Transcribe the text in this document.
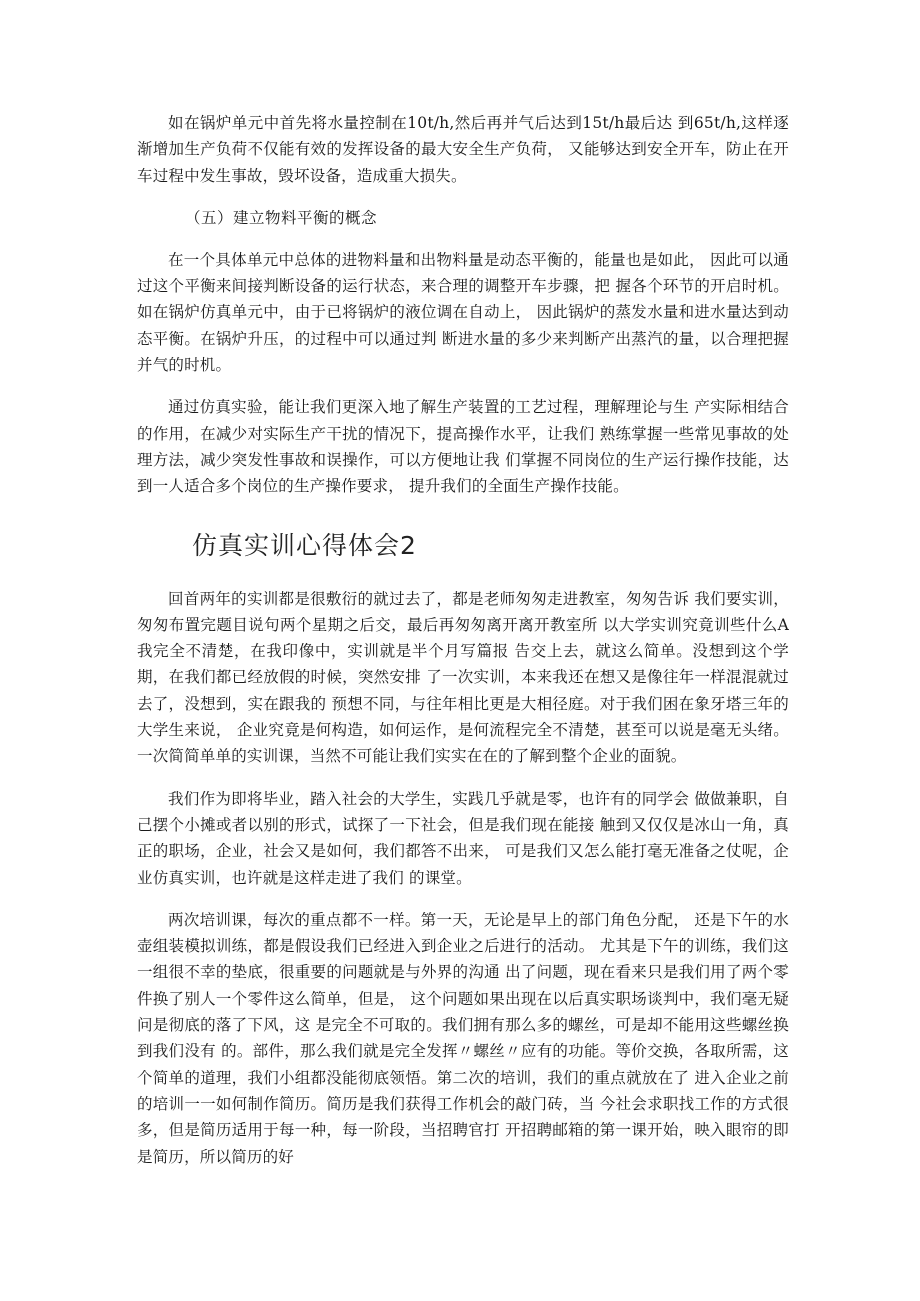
如在锅炉单元中首先将水量控制在10t/h,然后再并气后达到15t/h最后达 到65t/h,这样逐渐增加生产负荷不仅能有效的发挥设备的最大安全生产负荷， 又能够达到安全开车，防止在开车过程中发生事故，毁坏设备，造成重大损失。

（五）建立物料平衡的概念

在一个具体单元中总体的进物料量和出物料量是动态平衡的，能量也是如此， 因此可以通过这个平衡来间接判断设备的运行状态，来合理的调整开车步骤，把 握各个环节的开启时机。如在锅炉仿真单元中，由于已将锅炉的液位调在自动上， 因此锅炉的蒸发水量和进水量达到动态平衡。在锅炉升压，的过程中可以通过判 断进水量的多少来判断产出蒸汽的量，以合理把握并气的时机。

通过仿真实验，能让我们更深入地了解生产装置的工艺过程，理解理论与生 产实际相结合的作用，在减少对实际生产干扰的情况下，提高操作水平，让我们 熟练掌握一些常见事故的处理方法，减少突发性事故和误操作，可以方便地让我 们掌握不同岗位的生产运行操作技能，达到一人适合多个岗位的生产操作要求， 提升我们的全面生产操作技能。

仿真实训心得体会2

回首两年的实训都是很敷衍的就过去了，都是老师匆匆走进教室，匆匆告诉 我们要实训，匆匆布置完题目说句两个星期之后交，最后再匆匆离开离开教室所 以大学实训究竟训些什么A我完全不清楚，在我印像中，实训就是半个月写篇报 告交上去，就这么简单。没想到这个学期，在我们都已经放假的时候，突然安排 了一次实训，本来我还在想又是像往年一样混混就过去了，没想到，实在跟我的 预想不同，与往年相比更是大相径庭。对于我们困在象牙塔三年的大学生来说， 企业究竟是何构造，如何运作，是何流程完全不清楚，甚至可以说是毫无头绪。 一次简简单单的实训课，当然不可能让我们实实在在的了解到整个企业的面貌。

我们作为即将毕业，踏入社会的大学生，实践几乎就是零，也许有的同学会 做做兼职，自己摆个小摊或者以别的形式，试探了一下社会，但是我们现在能接 触到又仅仅是冰山一角，真正的职场，企业，社会又是如何，我们都答不出来， 可是我们又怎么能打毫无准备之仗呢，企业仿真实训，也许就是这样走进了我们 的课堂。

两次培训课，每次的重点都不一样。第一天，无论是早上的部门角色分配， 还是下午的水壶组装模拟训练，都是假设我们已经进入到企业之后进行的活动。 尤其是下午的训练，我们这一组很不幸的垫底，很重要的问题就是与外界的沟通 出了问题，现在看来只是我们用了两个零件换了别人一个零件这么简单，但是， 这个问题如果出现在以后真实职场谈判中，我们毫无疑问是彻底的落了下风，这 是完全不可取的。我们拥有那么多的螺丝，可是却不能用这些螺丝换到我们没有 的。部件，那么我们就是完全发挥〃螺丝〃应有的功能。等价交换，各取所需，这 个简单的道理，我们小组都没能彻底领悟。第二次的培训，我们的重点就放在了 进入企业之前的培训一一如何制作简历。简历是我们获得工作机会的敲门砖，当 今社会求职找工作的方式很多，但是简历适用于每一种，每一阶段，当招聘官打 开招聘邮箱的第一课开始，映入眼帘的即是简历，所以简历的好
